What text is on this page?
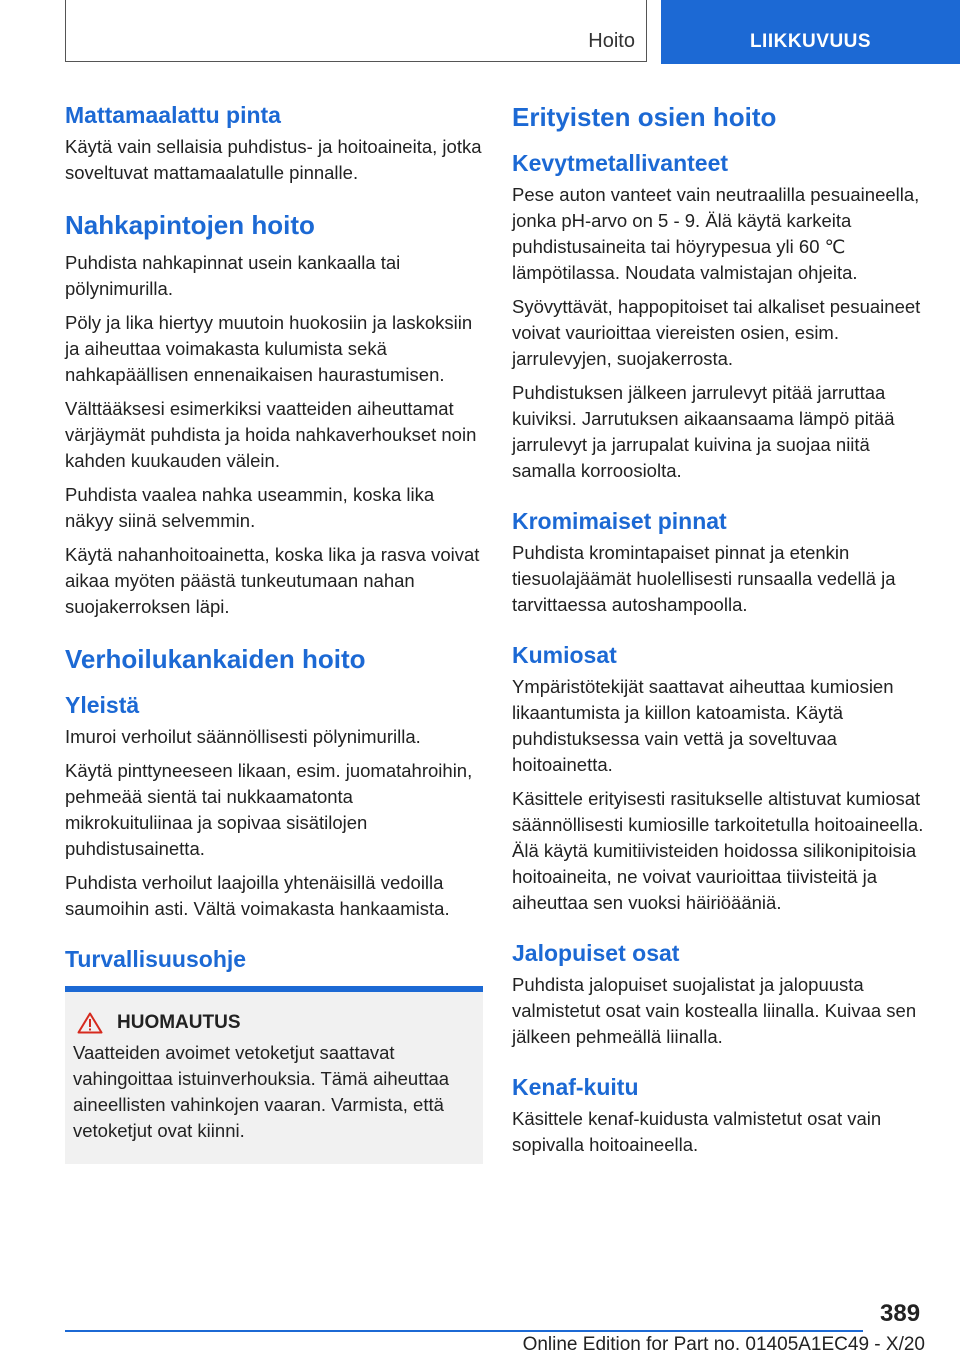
Hoito	LIIKKUVUUS
Mattamaalattu pinta

Käytä vain sellaisia puhdistus- ja hoitoaineita, jotka soveltuvat mattamaalatulle pinnalle.

Nahkapintojen hoito

Puhdista nahkapinnat usein kankaalla tai pölynimurilla.

Pöly ja lika hiertyy muutoin huokosiin ja laskoksiin ja aiheuttaa voimakasta kulumista sekä nahkapäällisen ennenaikaisen haurastumisen.

Välttääksesi esimerkiksi vaatteiden aiheuttamat värjäymät puhdista ja hoida nahkaverhoukset noin kahden kuukauden välein.

Puhdista vaalea nahka useammin, koska lika näkyy siinä selvemmin.

Käytä nahanhoitoainetta, koska lika ja rasva voivat aikaa myöten päästä tunkeutumaan nahan suojakerroksen läpi.

Verhoilukankaiden hoito
Yleistä

Imuroi verhoilut säännöllisesti pölynimurilla.

Käytä pinttyneeseen likaan, esim. juomatahroihin, pehmeää sientä tai nukkaamatonta mikrokuituliinaa ja sopivaa sisätilojen puhdistusainetta.

Puhdista verhoilut laajoilla yhtenäisillä vedoilla saumoihin asti. Vältä voimakasta hankaamista.

Turvallisuusohje
HUOMAUTUS

Vaatteiden avoimet vetoketjut saattavat vahingoittaa istuinverhouksia. Tämä aiheuttaa aineellisten vahinkojen vaaran. Varmista, että vetoketjut ovat kiinni.

Erityisten osien hoito
Kevytmetallivanteet

Pese auton vanteet vain neutraalilla pesuaineella, jonka pH-arvo on 5 - 9. Älä käytä karkeita puhdistusaineita tai höyrypesua yli 60 ℃ lämpötilassa. Noudata valmistajan ohjeita.

Syövyttävät, happopitoiset tai alkaliset pesuaineet voivat vaurioittaa viereisten osien, esim. jarrulevyjen, suojakerrosta.

Puhdistuksen jälkeen jarrulevyt pitää jarruttaa kuiviksi. Jarrutuksen aikaansaama lämpö pitää jarrulevyt ja jarrupalat kuivina ja suojaa niitä samalla korroosiolta.

Kromimaiset pinnat

Puhdista kromintapaiset pinnat ja etenkin tiesuolajäämät huolellisesti runsaalla vedellä ja tarvittaessa autoshampoolla.

Kumiosat

Ympäristötekijät saattavat aiheuttaa kumiosien likaantumista ja kiillon katoamista. Käytä puhdistuksessa vain vettä ja soveltuvaa hoitoainetta.

Käsittele erityisesti rasitukselle altistuvat kumiosat säännöllisesti kumiosille tarkoitetulla hoitoaineella. Älä käytä kumitiivisteiden hoidossa silikonipitoisia hoitoaineita, ne voivat vaurioittaa tiivisteitä ja aiheuttaa sen vuoksi häiriöääniä.

Jalopuiset osat

Puhdista jalopuiset suojalistat ja jalopuusta valmistetut osat vain kostealla liinalla. Kuivaa sen jälkeen pehmeällä liinalla.

Kenaf-kuitu

Käsittele kenaf-kuidusta valmistetut osat vain sopivalla hoitoaineella.

389
Online Edition for Part no. 01405A1EC49 - X/20
